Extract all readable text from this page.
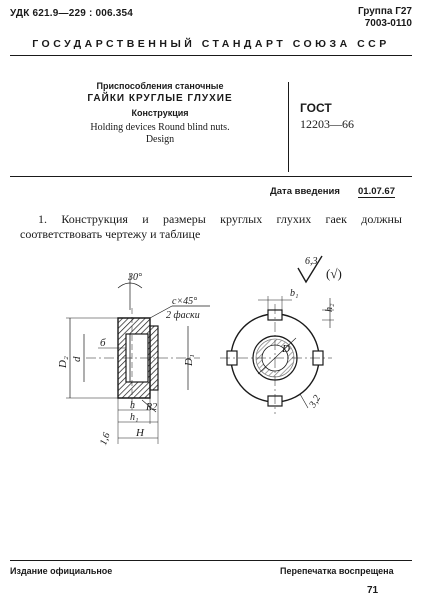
УДК 621.9—229 : 006.354	Группа Г27
7003-0110
ГОСУДАРСТВЕННЫЙ СТАНДАРТ СОЮЗА ССР
Приспособления станочные
ГАЙКИ КРУГЛЫЕ ГЛУХИЕ
Конструкция
Holding devices Round blind nuts.
Design
ГОСТ
12203—66
Дата введения 01.07.67
1. Конструкция и размеры круглых глухих гаек должны соответствовать чертежу и таблице
6,3
(√)
30°
c×45°
2 фаски
D₂ d
б
D₁
R2
h
h₁
H
1,6
b₁
h₂
D
3,2
Издание официальное	Перепечатка воспрещена
71
